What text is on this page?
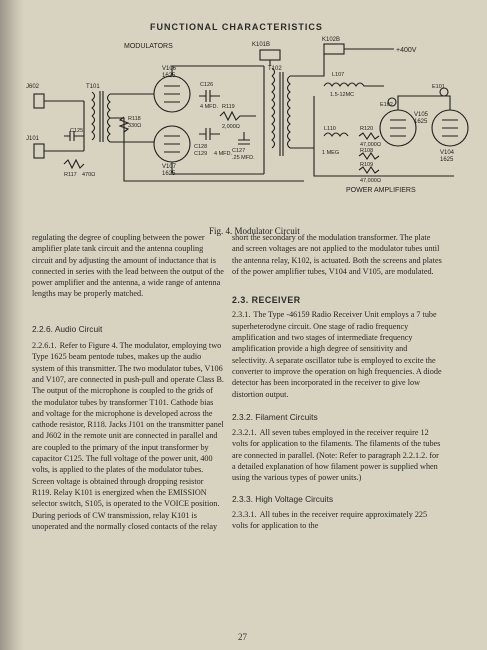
FUNCTIONAL CHARACTERISTICS
MODULATORS
J602
J101
T101
C125
R117 470Ω
R118
330Ω
V106
1625
V107
1625
C126
4 MFD.
C128
C129 4 MFD.
R119
2,000Ω
C127
.25 MFD.
T102
K101B
K102B
+400V
L107
1.5-12MC
L110
1 MEG
R120
47,000Ω
R108
R109
47,000Ω
E102
E101
V105
1625
V104
1625
POWER AMPLIFIERS
Fig. 4. Modulator Circuit

regulating the degree of coupling between the power amplifier plate tank circuit and the antenna coupling circuit and by adjusting the amount of inductance that is connected in series with the lead between the output of the power amplifier and the antenna, a wide range of antenna lengths may be properly matched.

2.2.6. Audio Circuit

2.2.6.1. Refer to Figure 4. The modulator, employing two Type 1625 beam pentode tubes, makes up the audio system of this transmitter. The two modulator tubes, V106 and V107, are connected in push-pull and operate Class B. The output of the microphone is coupled to the grids of the modulator tubes by transformer T101. Cathode bias and voltage for the microphone is developed across the cathode resistor, R118. Jacks J101 on the transmitter panel and J602 in the remote unit are connected in parallel and are coupled to the primary of the input transformer by capacitor C125. The full voltage of the power unit, 400 volts, is applied to the plates of the modulator tubes. Screen voltage is obtained through dropping resistor R119. Relay K101 is energized when the EMISSION selector switch, S105, is operated to the VOICE position. During periods of CW transmission, relay K101 is unoperated and the normally closed contacts of the relay

short the secondary of the modulation transformer. The plate and screen voltages are not applied to the modulator tubes until the antenna relay, K102, is actuated. Both the screens and plates of the power amplifier tubes, V104 and V105, are modulated.

2.3. RECEIVER

2.3.1. The Type -46159 Radio Receiver Unit employs a 7 tube superheterodyne circuit. One stage of radio frequency amplification and two stages of intermediate frequency amplification provide a high degree of sensitivity and selectivity. A separate oscillator tube is employed to excite the converter to improve the operation on high frequencies. A diode detector has been incorporated in the receiver to give low distortion output.

2.3.2. Filament Circuits

2.3.2.1. All seven tubes employed in the receiver require 12 volts for application to the filaments. The filaments of the tubes are connected in parallel. (Note: Refer to paragraph 2.2.1.2. for a detailed explanation of how filament power is supplied when using the various types of power units.)

2.3.3. High Voltage Circuits

2.3.3.1. All tubes in the receiver require approximately 225 volts for application to the

27
